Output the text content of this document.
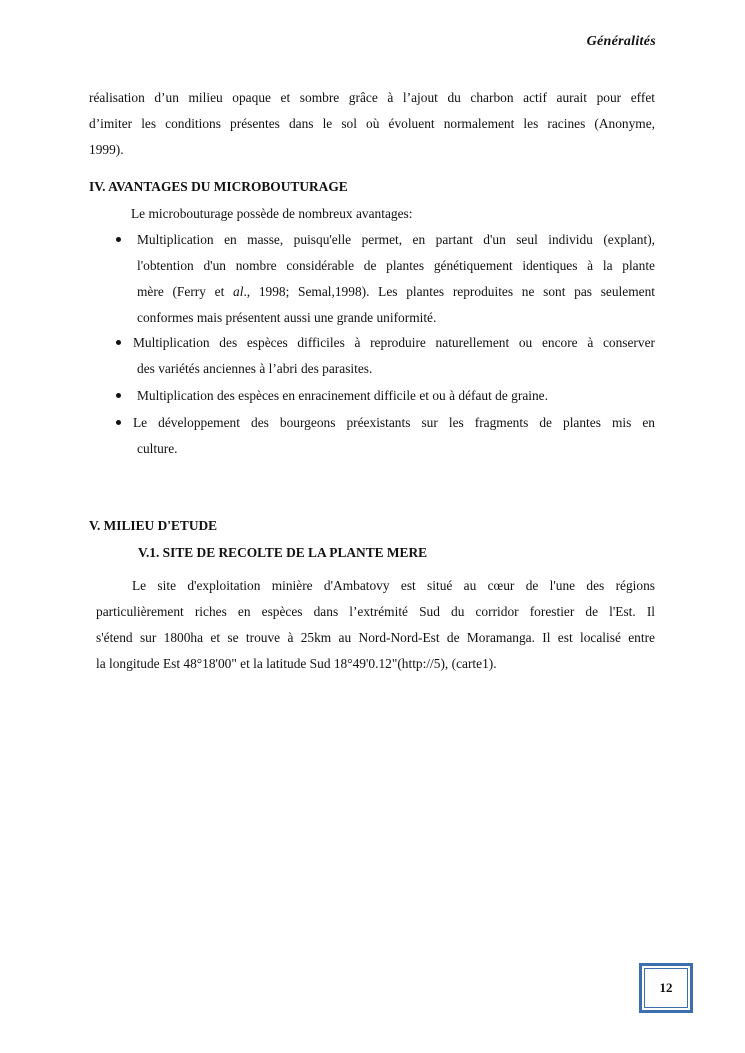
Généralités
réalisation d’un milieu opaque et sombre grâce à l’ajout du charbon actif aurait pour effet
d’imiter les conditions présentes dans le sol où évoluent normalement les racines (Anonyme,
1999).
IV. AVANTAGES DU MICROBOUTURAGE
Le microbouturage possède de nombreux avantages:
Multiplication en masse, puisqu'elle permet, en partant d'un seul individu (explant),
l'obtention d'un nombre considérable de plantes génétiquement identiques à la plante
mère (Ferry et al., 1998; Semal,1998). Les plantes reproduites ne sont pas seulement
conformes mais présentent aussi une grande uniformité.
Multiplication des espèces difficiles à reproduire naturellement ou encore à conserver
des variétés anciennes à l’abri des parasites.
Multiplication des espèces en enracinement difficile et ou à défaut de graine.
Le développement des bourgeons préexistants sur les fragments de plantes mis en
culture.
V. MILIEU D'ETUDE
V.1. SITE DE RECOLTE DE LA PLANTE MERE
Le site d'exploitation minière d'Ambatovy est situé au cœur de l'une des régions
particulièrement riches en espèces dans l’extrémité Sud du corridor forestier de l'Est. Il
s'étend sur 1800ha et se trouve à 25km au Nord-Nord-Est de Moramanga. Il est localisé entre
la longitude Est 48°18'00" et la latitude Sud 18°49'0.12"(http://5), (carte1).
12
